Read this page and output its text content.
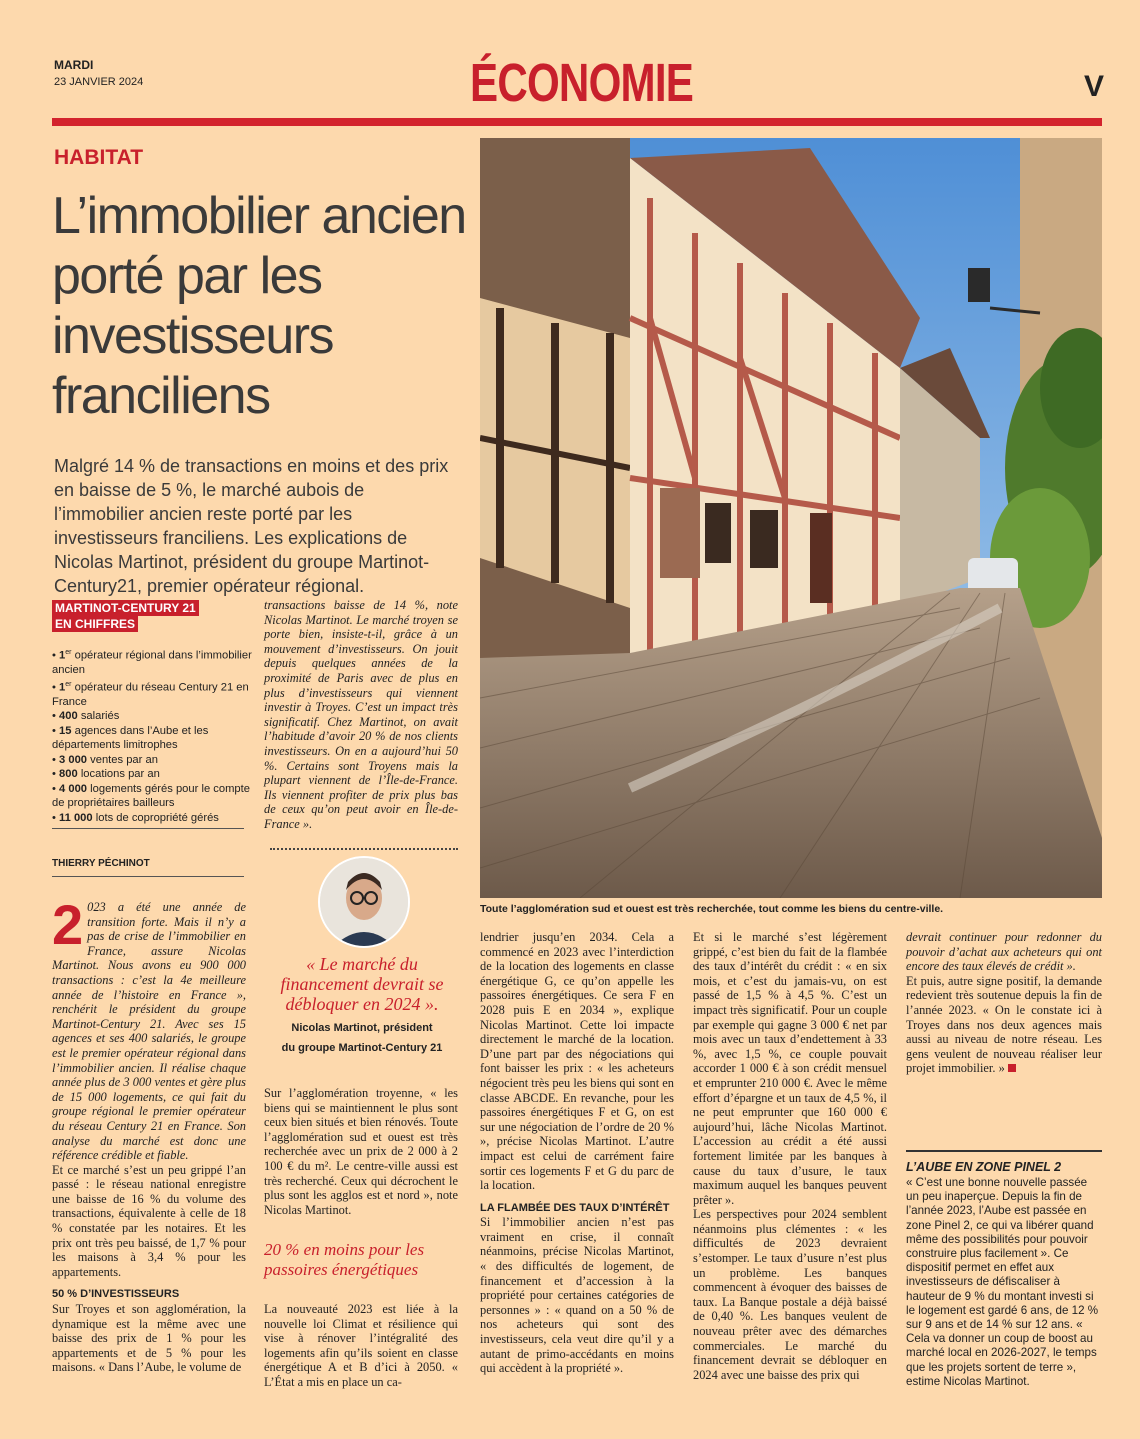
MARDI
23 JANVIER 2024	ÉCONOMIE	V
HABITAT
L’immobilier ancien porté par les investisseurs franciliens
Malgré 14 % de transactions en moins et des prix en baisse de 5 %, le marché aubois de l’immobilier ancien reste porté par les investisseurs franciliens. Les explications de Nicolas Martinot, président du groupe Martinot-Century21, premier opérateur régional.
Toute l’agglomération sud et ouest est très recherchée, tout comme les biens du centre-ville.
MARTINOT-CENTURY 21
EN CHIFFRES
• 1er opérateur régional dans l’immobilier ancien
• 1er opérateur du réseau Century 21 en France
• 400 salariés
• 15 agences dans l’Aube et les départements limitrophes
• 3 000 ventes par an
• 800 locations par an
• 4 000 logements gérés pour le compte de propriétaires bailleurs
• 11 000 lots de copropriété gérés
THIERRY PÉCHINOT
2 023 a été une année de transition forte. Mais il n’y a pas de crise de l’immobilier en France, assure Nicolas Martinot. Nous avons eu 900 000 transactions : c’est la 4e meilleure année de l’histoire en France », renchérit le président du groupe Martinot-Century 21. Avec ses 15 agences et ses 400 salariés, le groupe est le premier opérateur régional dans l’immobilier ancien. Il réalise chaque année plus de 3 000 ventes et gère plus de 15 000 logements, ce qui fait du groupe régional le premier opérateur du réseau Century 21 en France. Son analyse du marché est donc une référence crédible et fiable.
Et ce marché s’est un peu grippé l’an passé : le réseau national enregistre une baisse de 16 % du volume des transactions, équivalente à celle de 18 % constatée par les notaires. Et les prix ont très peu baissé, de 1,7 % pour les maisons à 3,4 % pour les appartements.
50 % D’INVESTISSEURS
Sur Troyes et son agglomération, la dynamique est la même avec une baisse des prix de 1 % pour les appartements et de 5 % pour les maisons. « Dans l’Aube, le volume de
transactions baisse de 14 %, note Nicolas Martinot. Le marché troyen se porte bien, insiste-t-il, grâce à un mouvement d’investisseurs. On jouit depuis quelques années de la proximité de Paris avec de plus en plus d’investisseurs qui viennent investir à Troyes. C’est un impact très significatif. Chez Martinot, on avait l’habitude d’avoir 20 % de nos clients investisseurs. On en a aujourd’hui 50 %. Certains sont Troyens mais la plupart viennent de l’Île-de-France. Ils viennent profiter de prix plus bas de ceux qu’on peut avoir en Île-de-France ».
« Le marché du financement devrait se débloquer en 2024 ».
Nicolas Martinot, président
du groupe Martinot-Century 21
Sur l’agglomération troyenne, « les biens qui se maintiennent le plus sont ceux bien situés et bien rénovés. Toute l’agglomération sud et ouest est très recherchée avec un prix de 2 000 à 2 100 € du m². Le centre-ville aussi est très recherché. Ceux qui décrochent le plus sont les agglos est et nord », note Nicolas Martinot.
20 % en moins pour les passoires énergétiques
La nouveauté 2023 est liée à la nouvelle loi Climat et résilience qui vise à rénover l’intégralité des logements afin qu’ils soient en classe énergétique A et B d’ici à 2050. « L’État a mis en place un ca-
lendrier jusqu’en 2034. Cela a commencé en 2023 avec l’interdiction de la location des logements en classe énergétique G, ce qu’on appelle les passoires énergétiques. Ce sera F en 2028 puis E en 2034 », explique Nicolas Martinot. Cette loi impacte directement le marché de la location. D’une part par des négociations qui font baisser les prix : « les acheteurs négocient très peu les biens qui sont en classe ABCDE. En revanche, pour les passoires énergétiques F et G, on est sur une négociation de l’ordre de 20 % », précise Nicolas Martinot. L’autre impact est celui de carrément faire sortir ces logements F et G du parc de la location.
LA FLAMBÉE DES TAUX D’INTÉRÊT
Si l’immobilier ancien n’est pas vraiment en crise, il connaît néanmoins, précise Nicolas Martinot, « des difficultés de logement, de financement et d’accession à la propriété pour certaines catégories de personnes » : « quand on a 50 % de nos acheteurs qui sont des investisseurs, cela veut dire qu’il y a autant de primo-accédants en moins qui accèdent à la propriété ».
Et si le marché s’est légèrement grippé, c’est bien du fait de la flambée des taux d’intérêt du crédit : « en six mois, et c’est du jamais-vu, on est passé de 1,5 % à 4,5 %. C’est un impact très significatif. Pour un couple par exemple qui gagne 3 000 € net par mois avec un taux d’endettement à 33 %, avec 1,5 %, ce couple pouvait accorder 1 000 € à son crédit mensuel et emprunter 210 000 €. Avec le même effort d’épargne et un taux de 4,5 %, il ne peut emprunter que 160 000 € aujourd’hui, lâche Nicolas Martinot. L’accession au crédit a été aussi fortement limitée par les banques à cause du taux d’usure, le taux maximum auquel les banques peuvent prêter ».
Les perspectives pour 2024 semblent néanmoins plus clémentes : « les difficultés de 2023 devraient s’estomper. Le taux d’usure n’est plus un problème. Les banques commencent à évoquer des baisses de taux. La Banque postale a déjà baissé de 0,40 %. Les banques veulent de nouveau prêter avec des démarches commerciales. Le marché du financement devrait se débloquer en 2024 avec une baisse des prix qui
devrait continuer pour redonner du pouvoir d’achat aux acheteurs qui ont encore des taux élevés de crédit ».
Et puis, autre signe positif, la demande redevient très soutenue depuis la fin de l’année 2023. « On le constate ici à Troyes dans nos deux agences mais aussi au niveau de notre réseau. Les gens veulent de nouveau réaliser leur projet immobilier. »
L’AUBE EN ZONE PINEL 2
« C’est une bonne nouvelle passée un peu inaperçue. Depuis la fin de l’année 2023, l’Aube est passée en zone Pinel 2, ce qui va libérer quand même des possibilités pour pouvoir construire plus facilement ». Ce dispositif permet en effet aux investisseurs de défiscaliser à hauteur de 9 % du montant investi si le logement est gardé 6 ans, de 12 % sur 9 ans et de 14 % sur 12 ans. « Cela va donner un coup de boost au marché local en 2026-2027, le temps que les projets sortent de terre », estime Nicolas Martinot.
